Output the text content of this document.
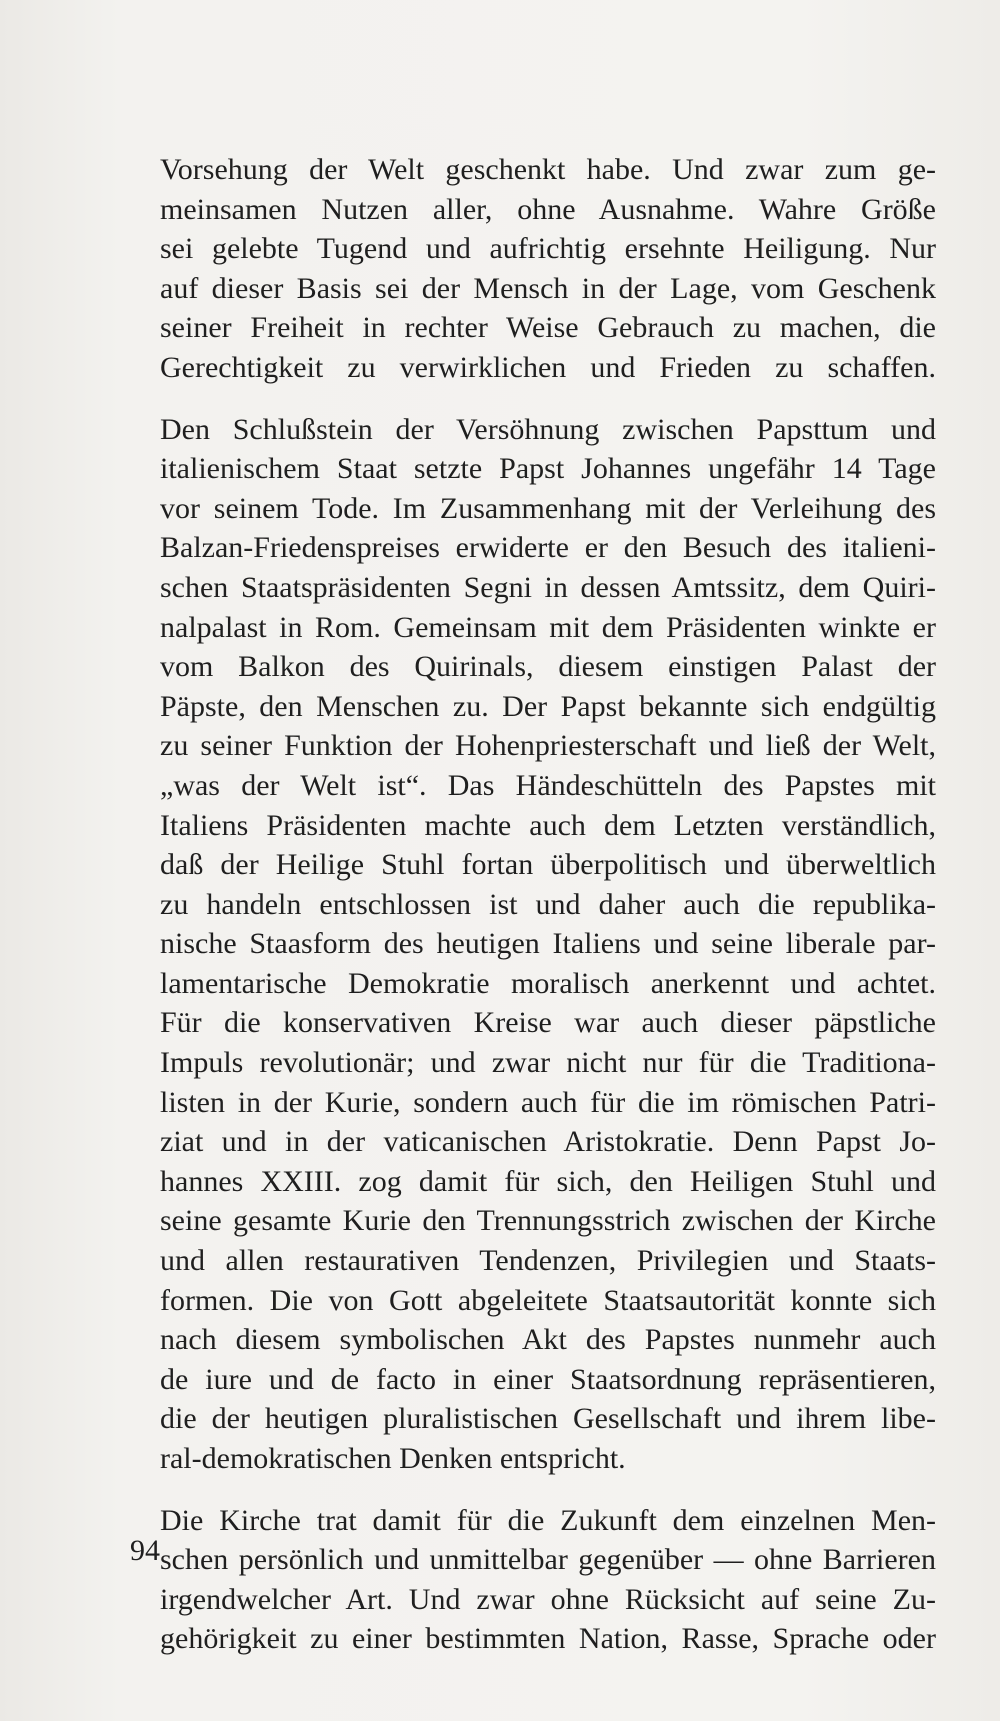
Vorsehung der Welt geschenkt habe. Und zwar zum ge-
meinsamen Nutzen aller, ohne Ausnahme. Wahre Größe
sei gelebte Tugend und aufrichtig ersehnte Heiligung. Nur
auf dieser Basis sei der Mensch in der Lage, vom Geschenk
seiner Freiheit in rechter Weise Gebrauch zu machen, die
Gerechtigkeit zu verwirklichen und Frieden zu schaffen.
Den Schlußstein der Versöhnung zwischen Papsttum und
italienischem Staat setzte Papst Johannes ungefähr 14 Tage
vor seinem Tode. Im Zusammenhang mit der Verleihung des
Balzan-Friedenspreises erwiderte er den Besuch des italieni-
schen Staatspräsidenten Segni in dessen Amtssitz, dem Quiri-
nalpalast in Rom. Gemeinsam mit dem Präsidenten winkte er
vom Balkon des Quirinals, diesem einstigen Palast der
Päpste, den Menschen zu. Der Papst bekannte sich endgültig
zu seiner Funktion der Hohenpriesterschaft und ließ der Welt,
„was der Welt ist“. Das Händeschütteln des Papstes mit
Italiens Präsidenten machte auch dem Letzten verständlich,
daß der Heilige Stuhl fortan überpolitisch und überweltlich
zu handeln entschlossen ist und daher auch die republika-
nische Staasform des heutigen Italiens und seine liberale par-
lamentarische Demokratie moralisch anerkennt und achtet.
Für die konservativen Kreise war auch dieser päpstliche
Impuls revolutionär; und zwar nicht nur für die Traditiona-
listen in der Kurie, sondern auch für die im römischen Patri-
ziat und in der vaticanischen Aristokratie. Denn Papst Jo-
hannes XXIII. zog damit für sich, den Heiligen Stuhl und
seine gesamte Kurie den Trennungsstrich zwischen der Kirche
und allen restaurativen Tendenzen, Privilegien und Staats-
formen. Die von Gott abgeleitete Staatsautorität konnte sich
nach diesem symbolischen Akt des Papstes nunmehr auch
de iure und de facto in einer Staatsordnung repräsentieren,
die der heutigen pluralistischen Gesellschaft und ihrem libe-
ral-demokratischen Denken entspricht.
Die Kirche trat damit für die Zukunft dem einzelnen Men-
schen persönlich und unmittelbar gegenüber — ohne Barrieren
irgendwelcher Art. Und zwar ohne Rücksicht auf seine Zu-
gehörigkeit zu einer bestimmten Nation, Rasse, Sprache oder
94
